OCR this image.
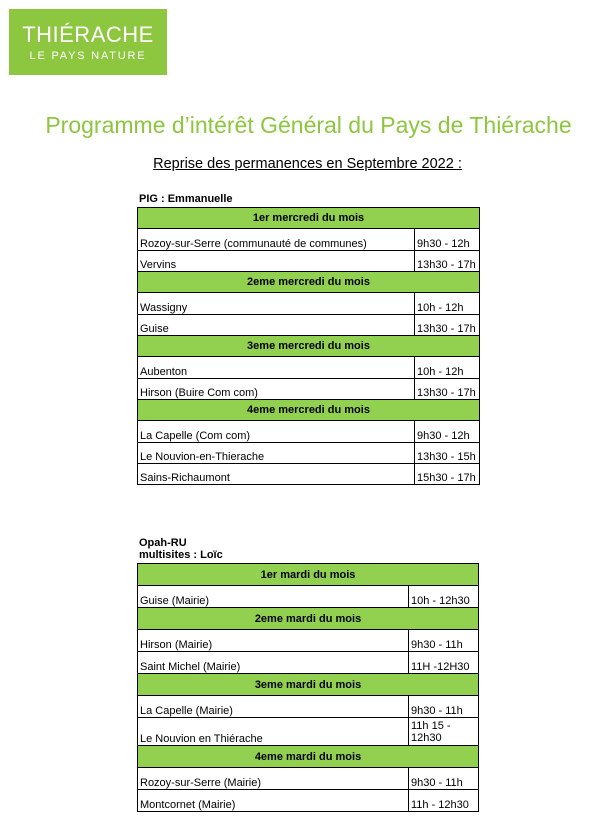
THIÉRACHE
LE PAYS NATURE
Programme d’intérêt Général du Pays de Thiérache
Reprise des permanences en Septembre 2022 :
PIG : Emmanuelle
1er mercredi du mois	
Rozoy-sur-Serre (communauté de communes)	9h30 - 12h
Vervins	13h30 - 17h
2eme mercredi du mois	
Wassigny	10h - 12h
Guise	13h30 - 17h
3eme mercredi du mois	
Aubenton	10h - 12h
Hirson (Buire Com com)	13h30 - 17h
4eme mercredi du mois	
La Capelle (Com com)	9h30 - 12h
Le Nouvion-en-Thierache	13h30 - 15h
Sains-Richaumont	15h30 - 17h
Opah-RU
multisites : Loïc
1er mardi du mois	
Guise (Mairie)	10h - 12h30
2eme mardi du mois	
Hirson (Mairie)	9h30 - 11h
Saint Michel (Mairie)	11H -12H30
3eme mardi du mois	
La Capelle (Mairie)	9h30 - 11h
Le Nouvion en Thiérache	11h 15 - 12h30
4eme mardi du mois	
Rozoy-sur-Serre (Mairie)	9h30 - 11h
Montcornet (Mairie)	11h - 12h30
